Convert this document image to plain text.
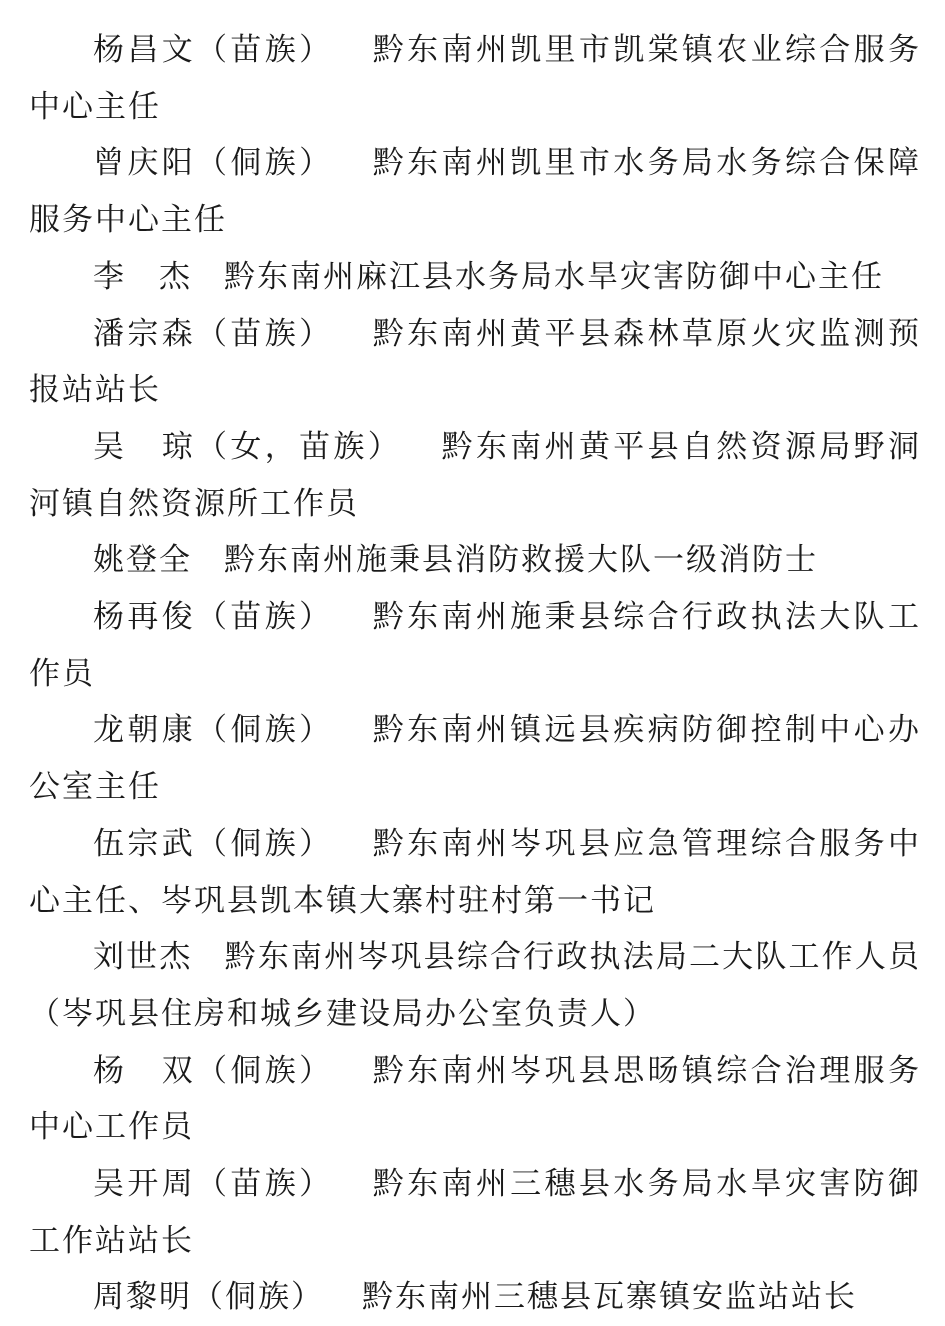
杨昌文（苗族） 黔东南州凯里市凯棠镇农业综合服务中心主任

曾庆阳（侗族） 黔东南州凯里市水务局水务综合保障服务中心主任

李　杰 黔东南州麻江县水务局水旱灾害防御中心主任

潘宗森（苗族） 黔东南州黄平县森林草原火灾监测预报站站长

吴　琼（女，苗族） 黔东南州黄平县自然资源局野洞河镇自然资源所工作员

姚登全 黔东南州施秉县消防救援大队一级消防士

杨再俊（苗族） 黔东南州施秉县综合行政执法大队工作员

龙朝康（侗族） 黔东南州镇远县疾病防御控制中心办公室主任

伍宗武（侗族） 黔东南州岑巩县应急管理综合服务中心主任、岑巩县凯本镇大寨村驻村第一书记

刘世杰 黔东南州岑巩县综合行政执法局二大队工作人员（岑巩县住房和城乡建设局办公室负责人）

杨　双（侗族） 黔东南州岑巩县思旸镇综合治理服务中心工作员

吴开周（苗族） 黔东南州三穗县水务局水旱灾害防御工作站站长

周黎明（侗族） 黔东南州三穗县瓦寨镇安监站站长
